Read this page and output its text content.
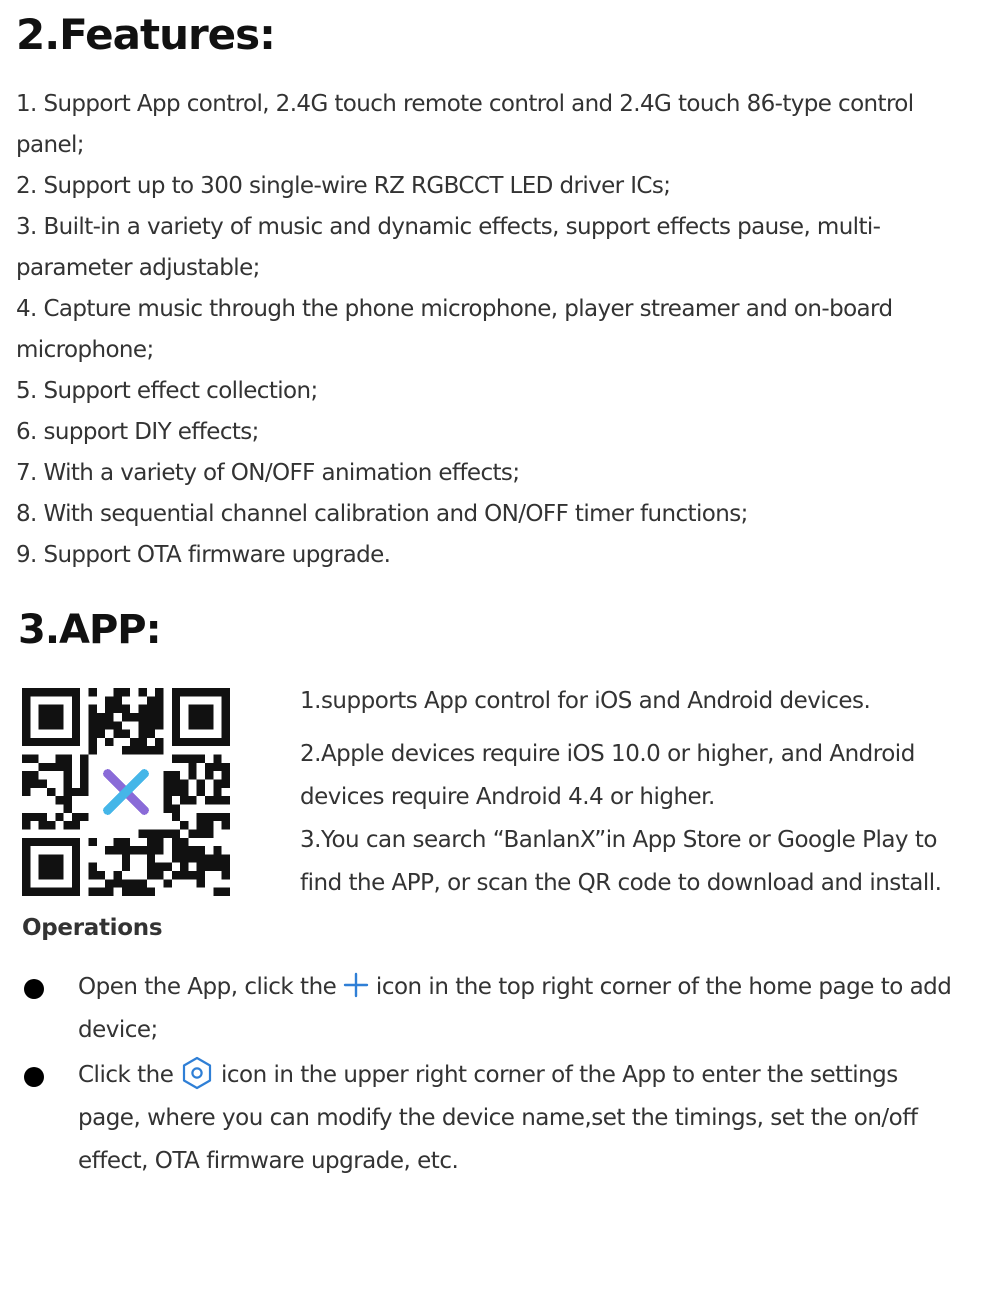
2.Features:
1. Support App control, 2.4G touch remote control and 2.4G touch 86-type control panel;
2. Support up to 300 single-wire RZ RGBCCT LED driver ICs;
3. Built-in a variety of music and dynamic effects, support effects pause, multi-parameter adjustable;
4. Capture music through the phone microphone, player streamer and on-board microphone;
5. Support effect collection;
6. support DIY effects;
7. With a variety of ON/OFF animation effects;
8. With sequential channel calibration and ON/OFF timer functions;
9. Support OTA firmware upgrade.
3.APP:

1.supports App control for iOS and Android devices.

2.Apple devices require iOS 10.0 or higher, and Android devices require Android 4.4 or higher.

3.You can search “BanlanX”in App Store or Google Play to find the APP, or scan the QR code to download and install.

Operations
Open the App, click the  icon in the top right corner of the home page to add device;
Click the  icon in the upper right corner of the App to enter the settings page, where you can modify the device name,set the timings, set the on/off effect, OTA firmware upgrade, etc.
